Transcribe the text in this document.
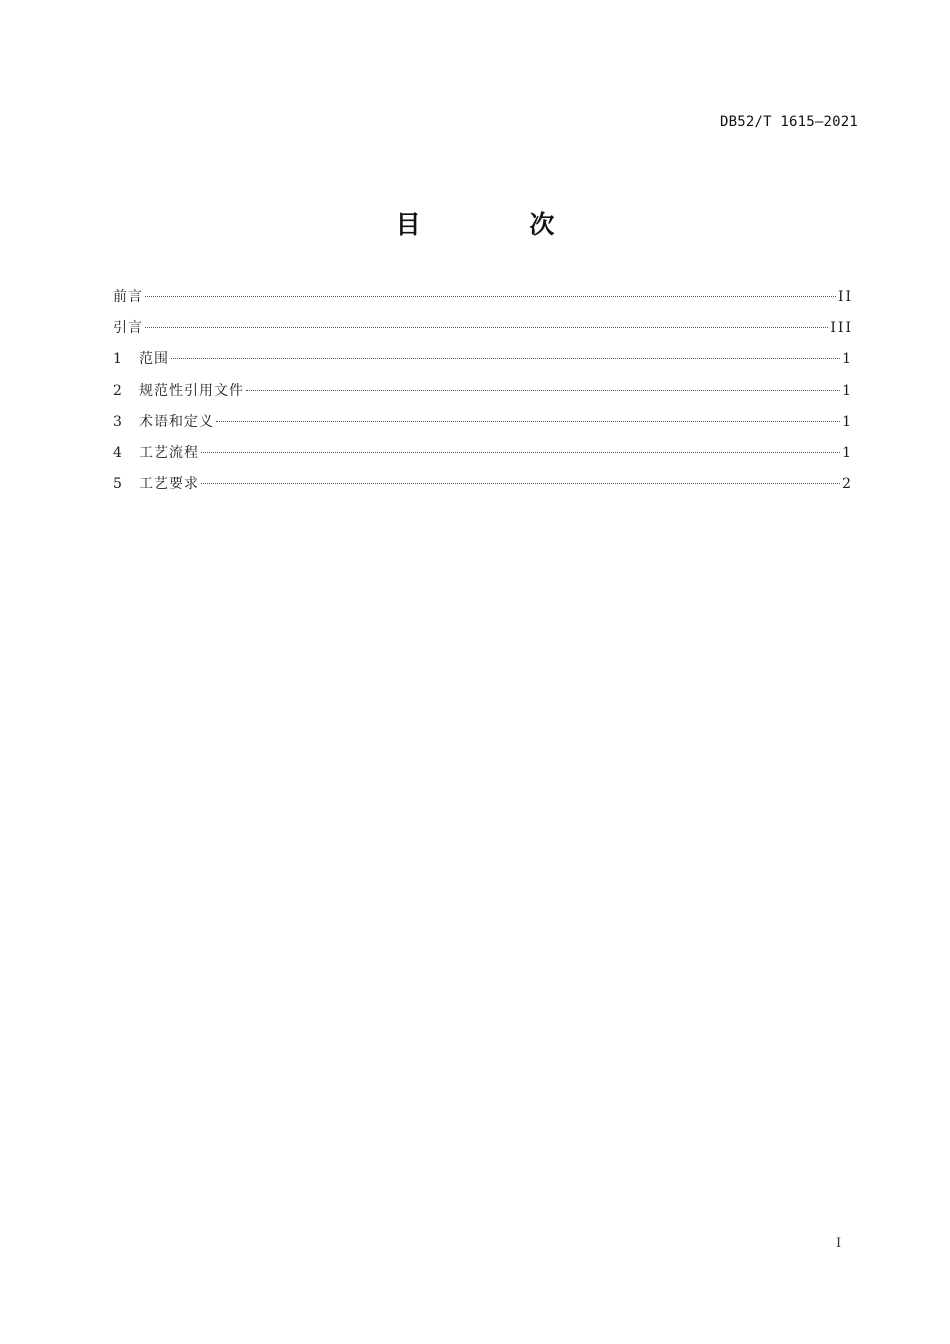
DB52/T 1615—2021
目 次
前言	II
引言	III
1	范围	1
2	规范性引用文件	1
3	术语和定义	1
4	工艺流程	1
5	工艺要求	2
I
